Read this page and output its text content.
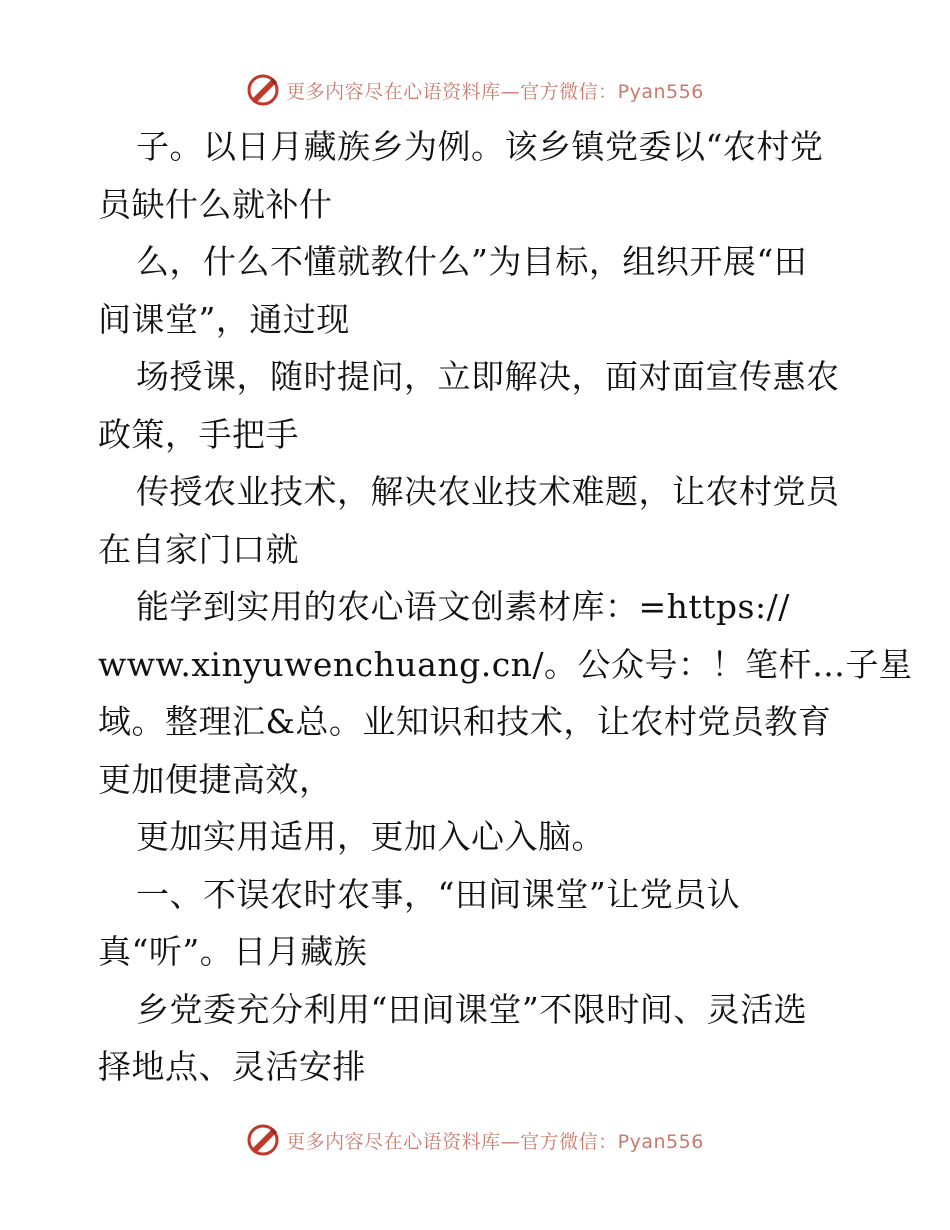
更多内容尽在心语资料库—官方微信：Pyan556
子。以日月藏族乡为例。该乡镇党委以“农村党
员缺什么就补什
么，什么不懂就教什么”为目标，组织开展“田
间课堂”，通过现
场授课，随时提问，立即解决，面对面宣传惠农
政策，手把手
传授农业技术，解决农业技术难题，让农村党员
在自家门口就
能学到实用的农心语文创素材库：=https://
www.xinyuwenchuang.cn/。公众号：！笔杆…子星
域。整理汇&总。业知识和技术，让农村党员教育
更加便捷高效，
更加实用适用，更加入心入脑。
一、不误农时农事，“田间课堂”让党员认
真“听”。日月藏族
乡党委充分利用“田间课堂”不限时间、灵活选
择地点、灵活安排
更多内容尽在心语资料库—官方微信：Pyan556
